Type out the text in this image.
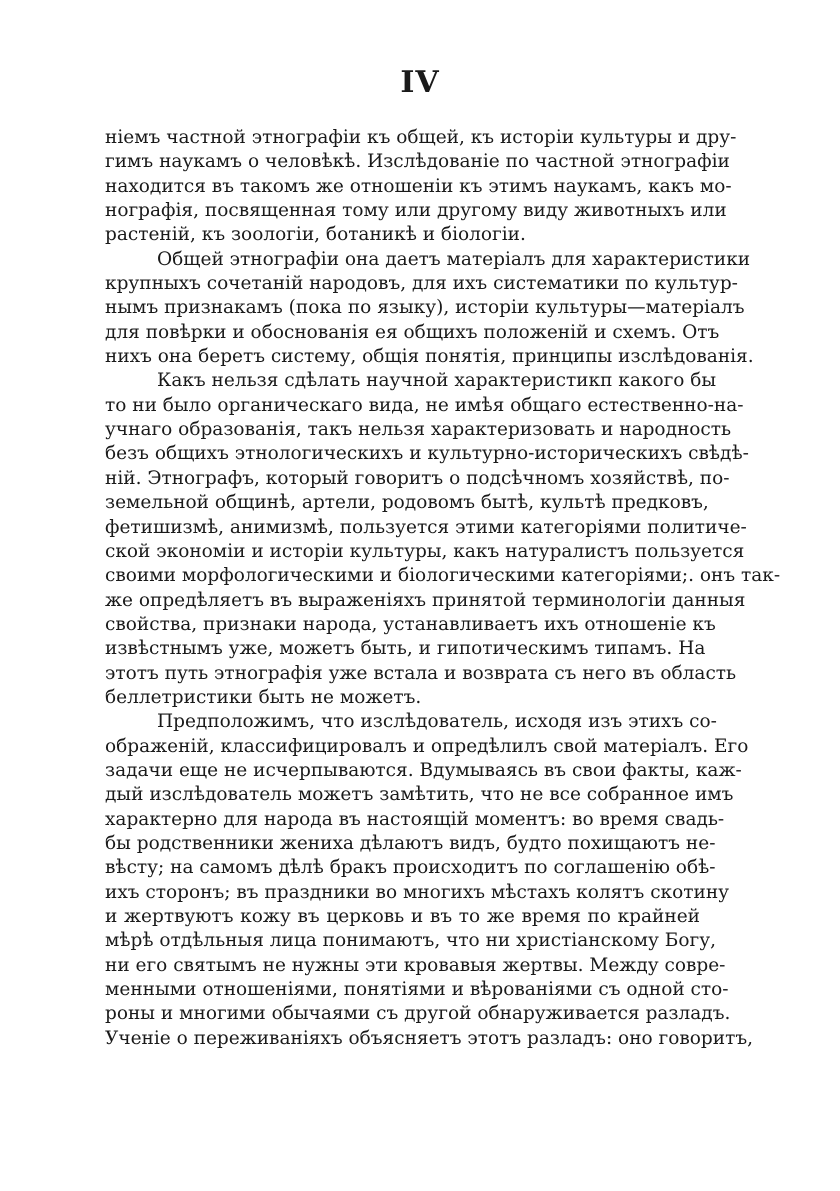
IV
ніемъ частной этнографіи къ общей, къ исторіи культуры и дру-
гимъ наукамъ о человѣкѣ. Изслѣдованіе по частной этнографіи
находится въ такомъ же отношеніи къ этимъ наукамъ, какъ мо-
нографія, посвященная тому или другому виду животныхъ или
растеній, къ зоологіи, ботаникѣ и біологіи.
Общей этнографіи она даетъ матеріалъ для характеристики
крупныхъ сочетаній народовъ, для ихъ систематики по культур-
нымъ признакамъ (пока по языку), исторіи культуры—матеріалъ
для повѣрки и обоснованія ея общихъ положеній и схемъ. Отъ
нихъ она беретъ систему, общія понятія, принципы изслѣдованія.
Какъ нельзя сдѣлать научной характеристикп какого бы
то ни было органическаго вида, не имѣя общаго естественно-на-
учнаго образованія, такъ нельзя характеризовать и народность
безъ общихъ этнологическихъ и культурно-историческихъ свѣдѣ-
ній. Этнографъ, который говоритъ о подсѣчномъ хозяйствѣ, по-
земельной общинѣ, артели, родовомъ бытѣ, культѣ предковъ,
фетишизмѣ, анимизмѣ, пользуется этими категоріями политиче-
ской экономіи и исторіи культуры, какъ натуралистъ пользуется
своими морфологическими и біологическими категоріями;. онъ так-
же опредѣляетъ въ выраженіяхъ принятой терминологіи данныя
свойства, признаки народа, устанавливаетъ ихъ отношеніе къ
извѣстнымъ уже, можетъ быть, и гипотическимъ типамъ. На
этотъ путь этнографія уже встала и возврата съ него въ область
беллетристики быть не можетъ.
Предположимъ, что изслѣдователь, исходя изъ этихъ со-
ображеній, классифицировалъ и опредѣлилъ свой матеріалъ. Его
задачи еще не исчерпываются. Вдумываясь въ свои факты, каж-
дый изслѣдователь можетъ замѣтить, что не все собранное имъ
характерно для народа въ настоящій моментъ: во время свадь-
бы родственники жениха дѣлаютъ видъ, будто похищаютъ не-
вѣсту; на самомъ дѣлѣ бракъ происходитъ по соглашенію обѣ-
ихъ сторонъ; въ праздники во многихъ мѣстахъ колятъ скотину
и жертвуютъ кожу въ церковь и въ то же время по крайней
мѣрѣ отдѣльныя лица понимаютъ, что ни христіанскому Богу,
ни его святымъ не нужны эти кровавыя жертвы. Между совре-
менными отношеніями, понятіями и вѣрованіями съ одной сто-
роны и многими обычаями съ другой обнаруживается разладъ.
Ученіе о переживаніяхъ объясняетъ этотъ разладъ: оно говоритъ,
